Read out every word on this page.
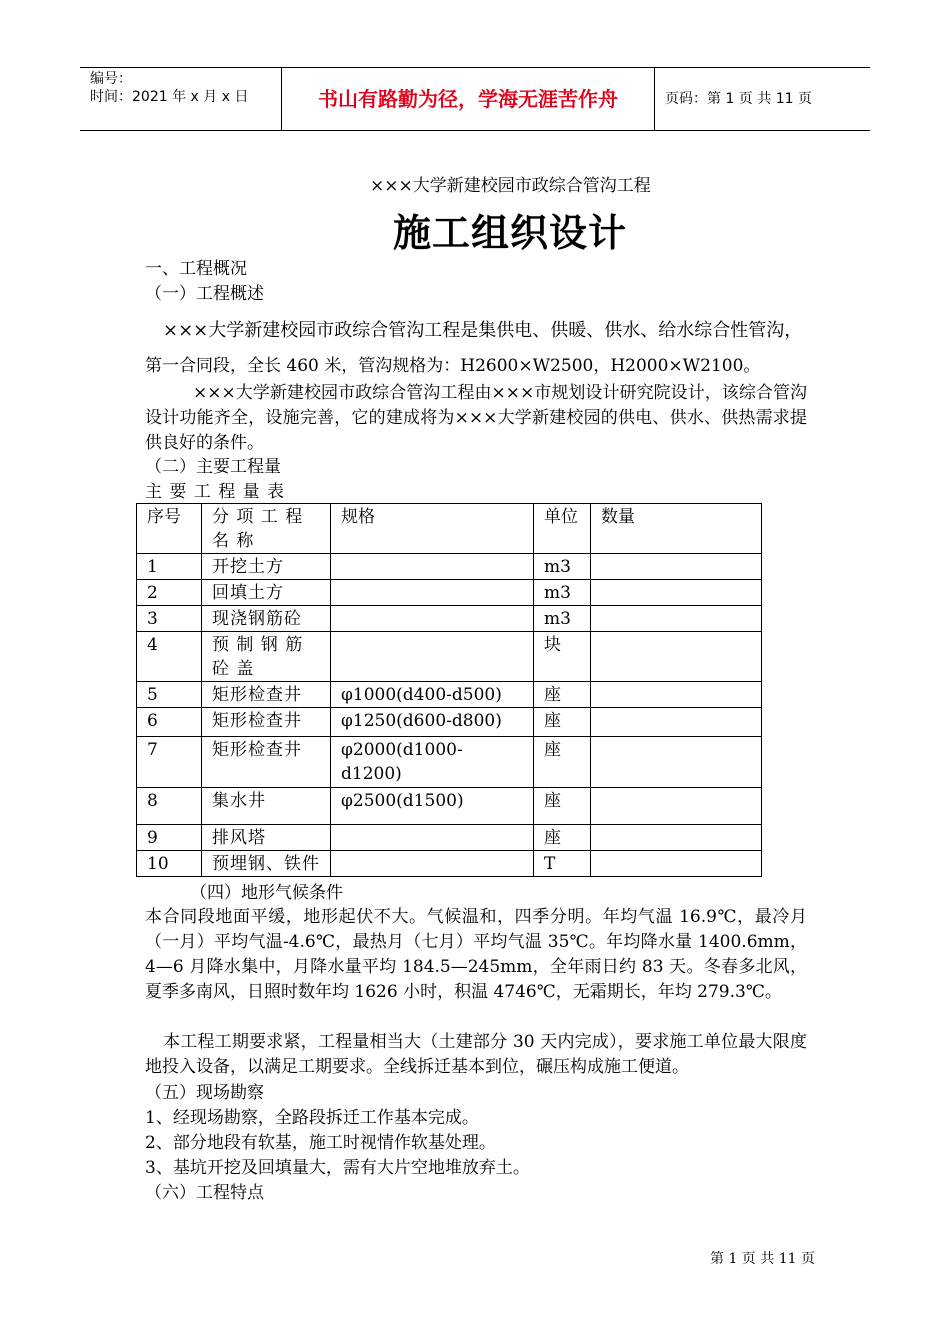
编号：
时间：2021 年 x 月 x 日	书山有路勤为径，学海无涯苦作舟	页码：第 1 页 共 11 页
×××大学新建校园市政综合管沟工程
施工组织设计
一、工程概况
（一）工程概述
×××大学新建校园市政综合管沟工程是集供电、供暖、供水、给水综合性管沟，
第一合同段，全长 460 米，管沟规格为：H2600×W2500，H2000×W2100。
×××大学新建校园市政综合管沟工程由×××市规划设计研究院设计，该综合管沟设计功能齐全，设施完善，它的建成将为×××大学新建校园的供电、供水、供热需求提供良好的条件。
（二）主要工程量
主 要 工 程 量 表
序号	分 项 工 程 名 称	规格	单位	数量
1	开挖土方		m3	
2	回填土方		m3	
3	现浇钢筋砼		m3	
4	预 制 钢 筋 砼 盖		块	
5	矩形检查井	φ1000(d400-d500)	座	
6	矩形检查井	φ1250(d600-d800)	座	
7	矩形检查井	φ2000(d1000-d1200)	座	
8	集水井	φ2500(d1500)	座	
9	排风塔		座	
10	预埋钢、铁件		T	
（四）地形气候条件
本合同段地面平缓，地形起伏不大。气候温和，四季分明。年均气温 16.9℃，最冷月（一月）平均气温-4.6℃，最热月（七月）平均气温 35℃。年均降水量 1400.6mm，4—6 月降水集中，月降水量平均 184.5—245mm，全年雨日约 83 天。冬春多北风，夏季多南风，日照时数年均 1626 小时，积温 4746℃，无霜期长，年均 279.3℃。
本工程工期要求紧，工程量相当大（土建部分 30 天内完成），要求施工单位最大限度地投入设备，以满足工期要求。全线拆迁基本到位，碾压构成施工便道。
（五）现场勘察
1、经现场勘察，全路段拆迁工作基本完成。
2、部分地段有软基，施工时视情作软基处理。
3、基坑开挖及回填量大，需有大片空地堆放弃土。
（六）工程特点
第 1 页 共 11 页
